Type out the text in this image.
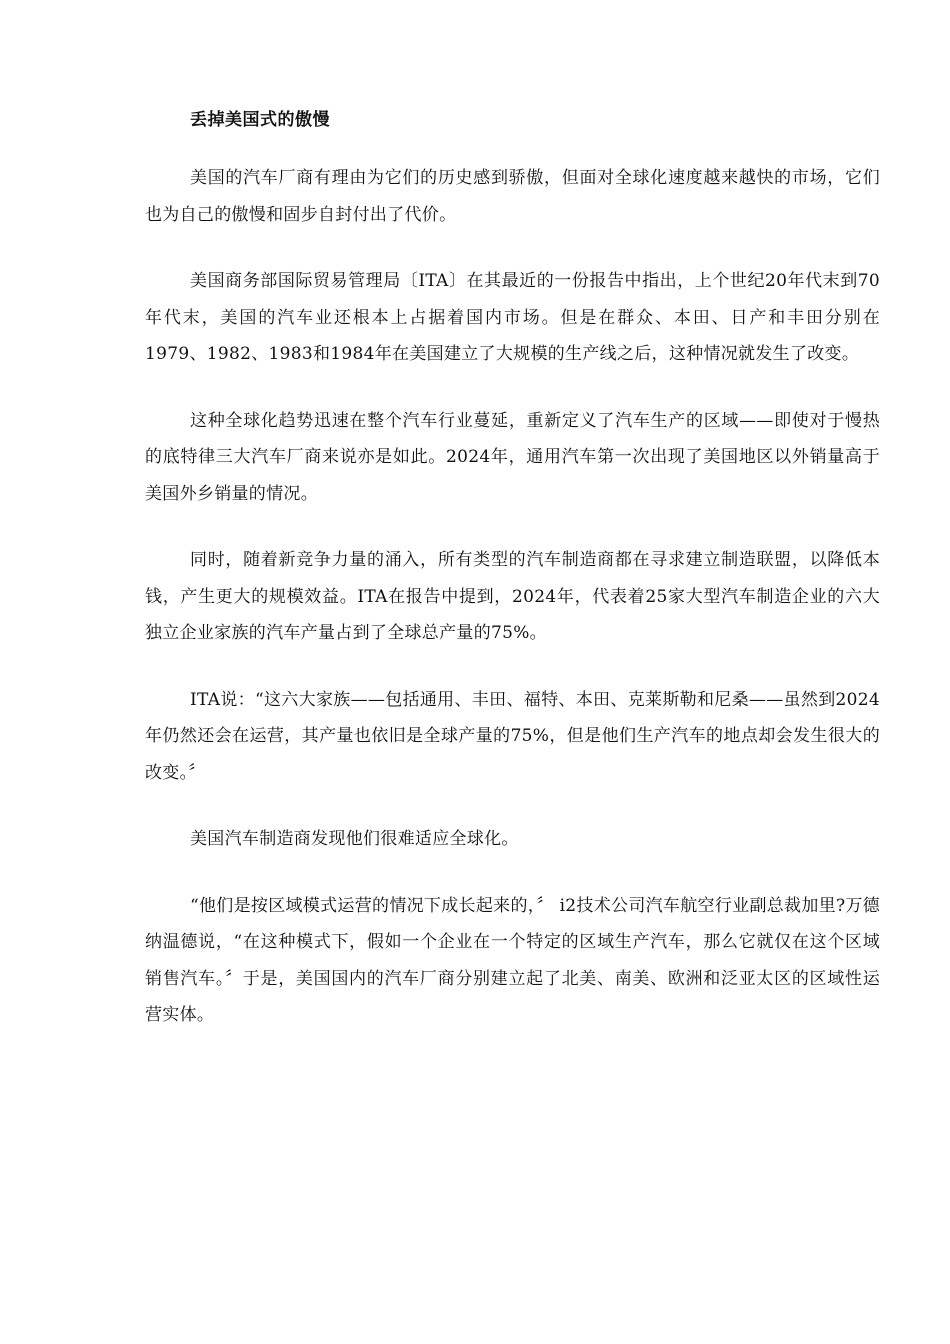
丢掉美国式的傲慢

美国的汽车厂商有理由为它们的历史感到骄傲，但面对全球化速度越来越快的市场，它们也为自己的傲慢和固步自封付出了代价。

美国商务部国际贸易管理局〔ITA〕在其最近的一份报告中指出，上个世纪20年代末到70年代末，美国的汽车业还根本上占据着国内市场。但是在群众、本田、日产和丰田分别在1979、1982、1983和1984年在美国建立了大规模的生产线之后，这种情况就发生了改变。

这种全球化趋势迅速在整个汽车行业蔓延，重新定义了汽车生产的区域——即使对于慢热的底特律三大汽车厂商来说亦是如此。2024年，通用汽车第一次出现了美国地区以外销量高于美国外乡销量的情况。

同时，随着新竞争力量的涌入，所有类型的汽车制造商都在寻求建立制造联盟，以降低本钱，产生更大的规模效益。ITA在报告中提到，2024年，代表着25家大型汽车制造企业的六大独立企业家族的汽车产量占到了全球总产量的75%。

ITA说：“这六大家族——包括通用、丰田、福特、本田、克莱斯勒和尼桑——虽然到2024年仍然还会在运营，其产量也依旧是全球产量的75%，但是他们生产汽车的地点却会发生很大的改变。〞

美国汽车制造商发现他们很难适应全球化。

“他们是按区域模式运营的情况下成长起来的，〞 i2技术公司汽车航空行业副总裁加里?万德纳温德说，“在这种模式下，假如一个企业在一个特定的区域生产汽车，那么它就仅在这个区域销售汽车。〞于是，美国国内的汽车厂商分别建立起了北美、南美、欧洲和泛亚太区的区域性运营实体。
